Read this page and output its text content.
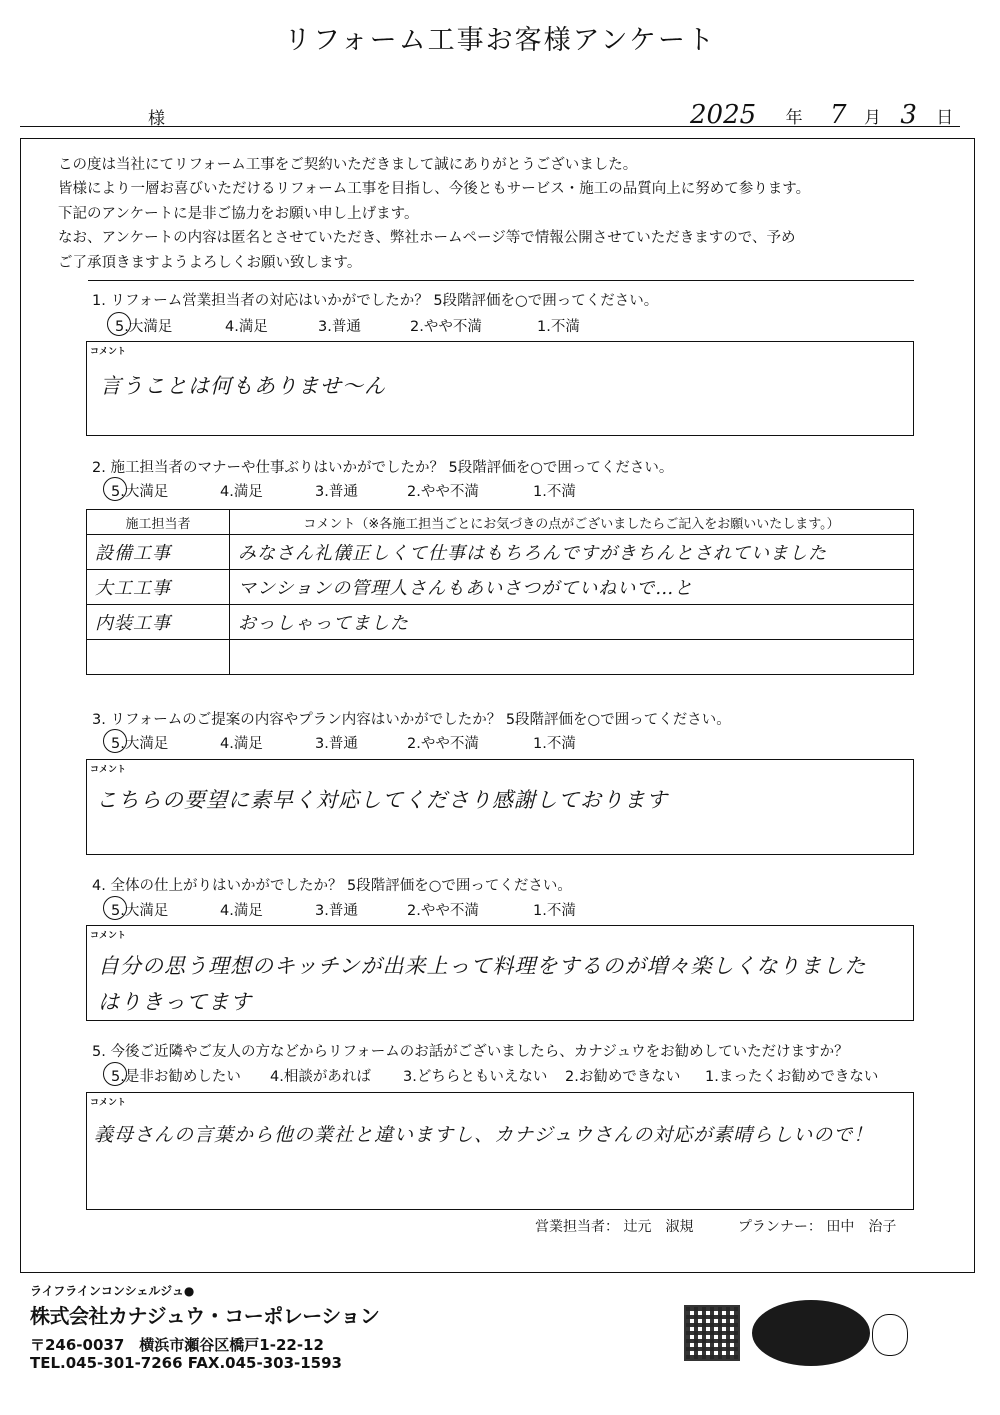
リフォーム工事お客様アンケート
様	2025 年 7 月 3 日
この度は当社にてリフォーム工事をご契約いただきまして誠にありがとうございました。
皆様により一層お喜びいただけるリフォーム工事を目指し、今後ともサービス・施工の品質向上に努めて参ります。
下記のアンケートに是非ご協力をお願い申し上げます。
なお、アンケートの内容は匿名とさせていただき、弊社ホームページ等で情報公開させていただきますので、予め
ご了承頂きますようよろしくお願い致します。
1. リフォーム営業担当者の対応はいかがでしたか？ 5段階評価を○で囲ってください。
5.大満足	4.満足	3.普通	2.やや不満	1.不満
コメント
言うことは何もありませ〜ん
2. 施工担当者のマナーや仕事ぶりはいかがでしたか？ 5段階評価を○で囲ってください。
5.大満足	4.満足	3.普通	2.やや不満	1.不満
施工担当者	コメント（※各施工担当ごとにお気づきの点がございましたらご記入をお願いいたします。）
設備工事	みなさん礼儀正しくて仕事はもちろんですがきちんとされていました
大工工事	マンションの管理人さんもあいさつがていねいで…と
内装工事	おっしゃってました

3. リフォームのご提案の内容やプラン内容はいかがでしたか？ 5段階評価を○で囲ってください。
5.大満足	4.満足	3.普通	2.やや不満	1.不満
コメント
こちらの要望に素早く対応してくださり感謝しております
4. 全体の仕上がりはいかがでしたか？ 5段階評価を○で囲ってください。
5.大満足	4.満足	3.普通	2.やや不満	1.不満
コメント
自分の思う理想のキッチンが出来上って料理をするのが増々楽しくなりました
はりきってます
5. 今後ご近隣やご友人の方などからリフォームのお話がございましたら、カナジュウをお勧めしていただけますか？
5.是非お勧めしたい 4.相談があれば 3.どちらともいえない 2.お勧めできない 1.まったくお勧めできない
コメント
義母さんの言葉から他の業社と違いますし、カナジュウさんの対応が素晴らしいので！
営業担当者： 辻元　淑規	プランナー： 田中　治子
ライフラインコンシェルジュ●
株式会社カナジュウ・コーポレーション
〒246-0037　横浜市瀬谷区橋戸1-22-12
TEL.045-301-7266 FAX.045-303-1593
